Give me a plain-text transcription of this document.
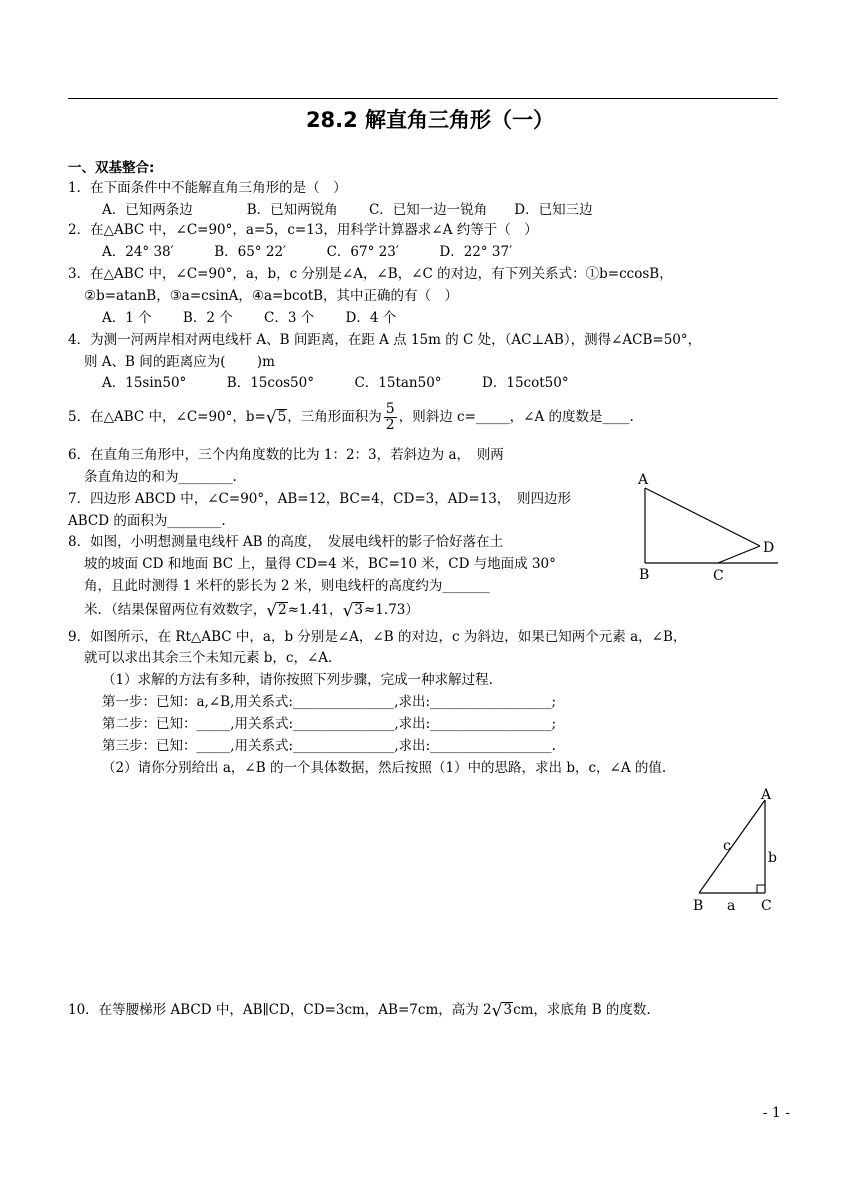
28.2 解直角三角形（一）
一、双基整合:
1．在下面条件中不能解直角三角形的是（　）
A．已知两条边　　　　B．已知两锐角　　 C．已知一边一锐角　　D．已知三边
2．在△ABC 中，∠C=90°，a=5，c=13，用科学计算器求∠A 约等于（　）
A．24° 38′　　　B．65° 22′　　　C．67° 23′　　　D．22° 37′
3．在△ABC 中，∠C=90°，a，b，c 分别是∠A，∠B，∠C 的对边，有下列关系式：①b=ccosB，
②b=atanB，③a=csinA，④a=bcotB，其中正确的有（　）
A．1 个　　 B．2 个　　 C．3 个　　 D．4 个
4．为测一河两岸相对两电线杆 A、B 间距离，在距 A 点 15m 的 C 处，（AC⊥AB），测得∠ACB=50°，
则 A、B 间的距离应为(　　 )m
A．15sin50°　　　B．15cos50°　　　C．15tan50°　　　D．15cot50°
5．在△ABC 中，∠C=90°，b=√5，三角形面积为 $\frac{5}{2}$ ，则斜边 c=_____，∠A 的度数是____.
6．在直角三角形中，三个内角度数的比为 1：2：3，若斜边为 a，　则两
条直角边的和为________.
7．四边形 ABCD 中，∠C=90°，AB=12，BC=4，CD=3，AD=13，　则四边形
ABCD 的面积为________.
8．如图，小明想测量电线杆 AB 的高度，　发展电线杆的影子恰好落在土
坡的坡面 CD 和地面 BC 上，量得 CD=4 米，BC=10 米，CD 与地面成 30°
角，且此时测得 1 米杆的影长为 2 米，则电线杆的高度约为_______
米．（结果保留两位有效数字，√2≈1.41，√3≈1.73）
A
B	C
D
9．如图所示，在 Rt△ABC 中，a，b 分别是∠A，∠B 的对边，c 为斜边，如果已知两个元素 a，∠B，
就可以求出其余三个未知元素 b，c，∠A．
（1）求解的方法有多种，请你按照下列步骤，完成一种求解过程.
第一步：已知：a,∠B,用关系式:_______________,求出:__________________;
第二步：已知：_____,用关系式:_______________,求出:__________________;
第三步：已知：_____,用关系式:_______________,求出:__________________.
（2）请你分别给出 a，∠B 的一个具体数据，然后按照（1）中的思路，求出 b，c，∠A 的值.
A
B	C
a
b
c
10．在等腰梯形 ABCD 中，AB∥CD，CD=3cm，AB=7cm，高为 2√3cm，求底角 B 的度数.
- 1 -
